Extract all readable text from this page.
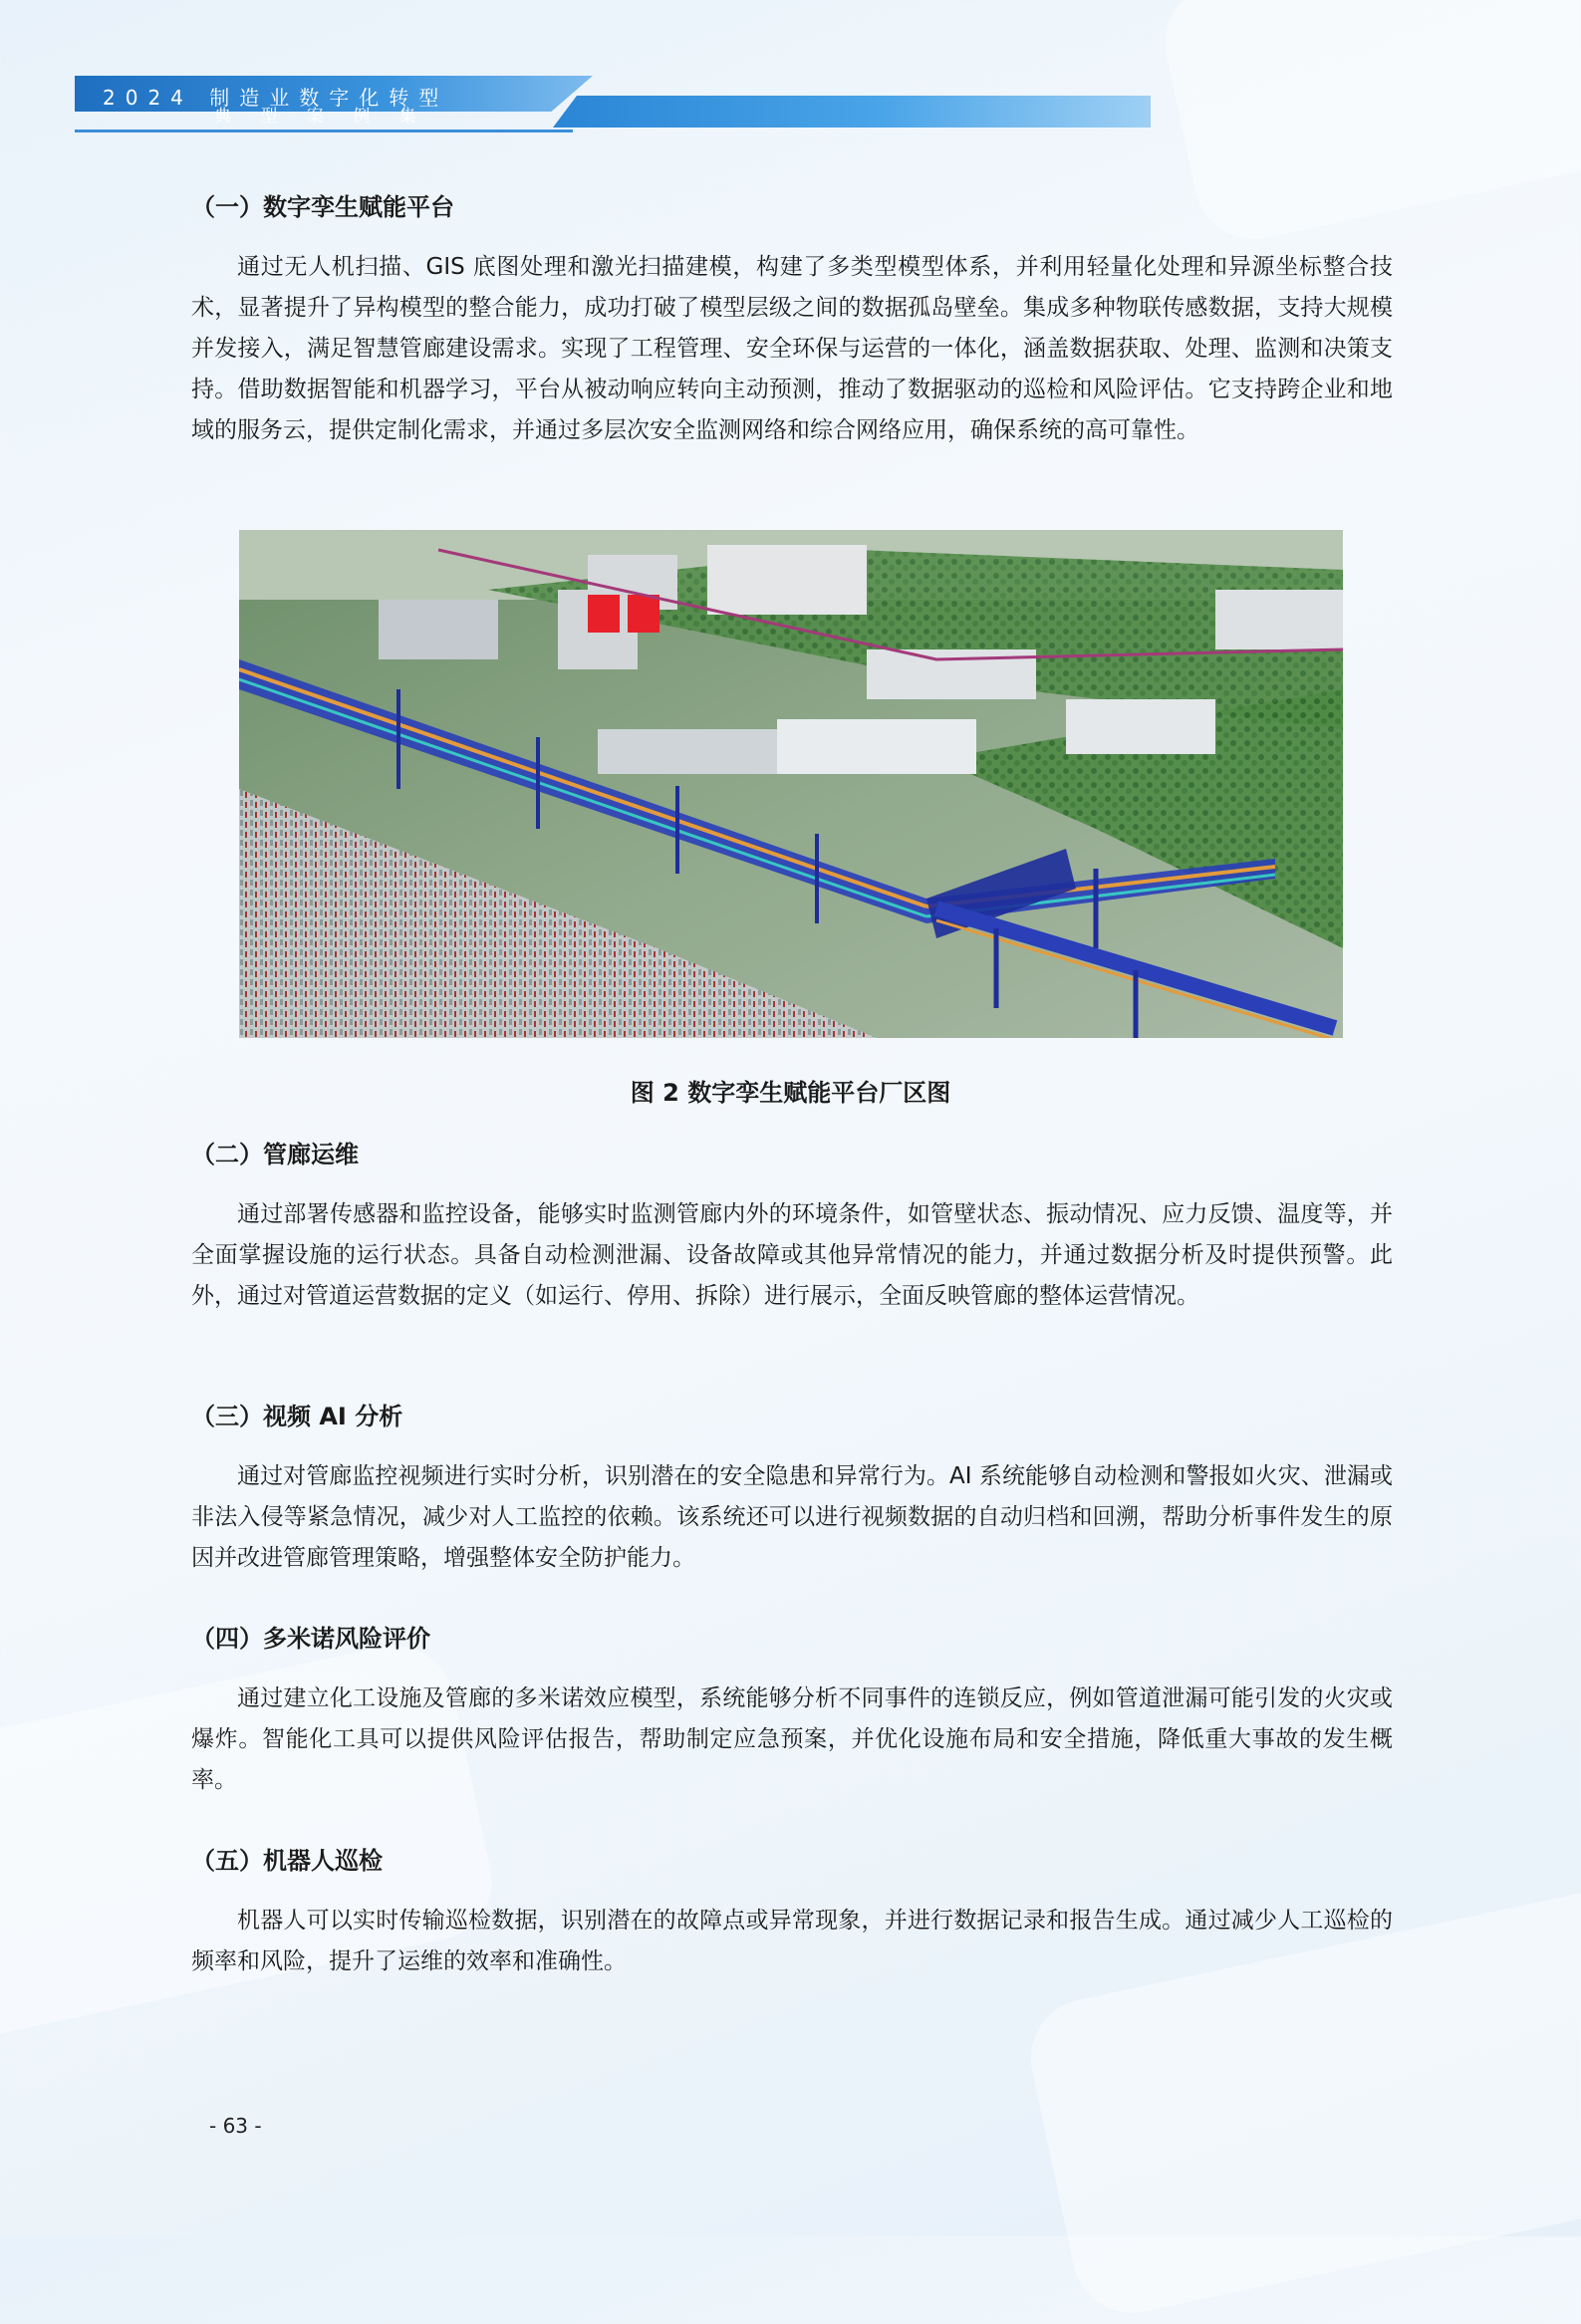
2024 制造业数字化转型
典 型 案 例 集
（一）数字孪生赋能平台

通过无人机扫描、GIS 底图处理和激光扫描建模，构建了多类型模型体系，并利用轻量化处理和异源坐标整合技术，显著提升了异构模型的整合能力，成功打破了模型层级之间的数据孤岛壁垒。集成多种物联传感数据，支持大规模并发接入，满足智慧管廊建设需求。实现了工程管理、安全环保与运营的一体化，涵盖数据获取、处理、监测和决策支持。借助数据智能和机器学习，平台从被动响应转向主动预测，推动了数据驱动的巡检和风险评估。它支持跨企业和地域的服务云，提供定制化需求，并通过多层次安全监测网络和综合网络应用，确保系统的高可靠性。

图 2 数字孪生赋能平台厂区图
（二）管廊运维

通过部署传感器和监控设备，能够实时监测管廊内外的环境条件，如管壁状态、振动情况、应力反馈、温度等，并全面掌握设施的运行状态。具备自动检测泄漏、设备故障或其他异常情况的能力，并通过数据分析及时提供预警。此外，通过对管道运营数据的定义（如运行、停用、拆除）进行展示，全面反映管廊的整体运营情况。

（三）视频 AI 分析

通过对管廊监控视频进行实时分析，识别潜在的安全隐患和异常行为。AI 系统能够自动检测和警报如火灾、泄漏或非法入侵等紧急情况，减少对人工监控的依赖。该系统还可以进行视频数据的自动归档和回溯，帮助分析事件发生的原因并改进管廊管理策略，增强整体安全防护能力。

（四）多米诺风险评价

通过建立化工设施及管廊的多米诺效应模型，系统能够分析不同事件的连锁反应，例如管道泄漏可能引发的火灾或爆炸。智能化工具可以提供风险评估报告，帮助制定应急预案，并优化设施布局和安全措施，降低重大事故的发生概率。

（五）机器人巡检

机器人可以实时传输巡检数据，识别潜在的故障点或异常现象，并进行数据记录和报告生成。通过减少人工巡检的频率和风险，提升了运维的效率和准确性。

- 63 -
